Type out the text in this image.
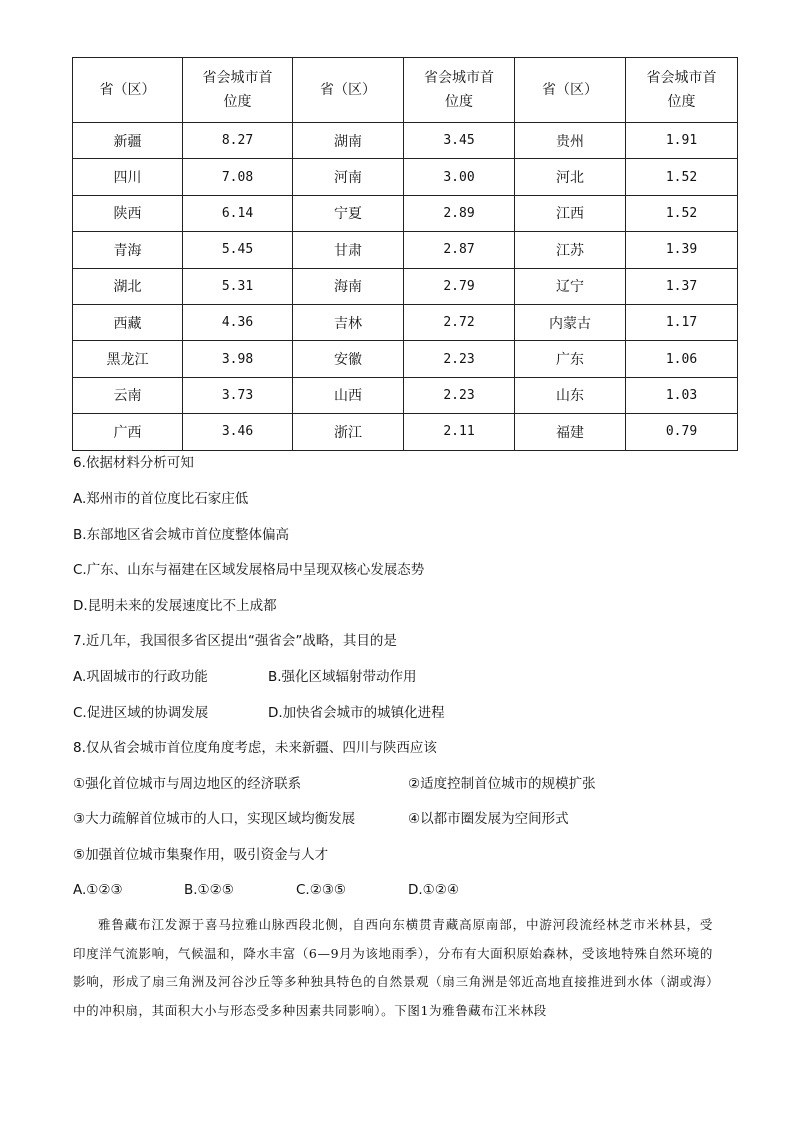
省（区）	省会城市首位度	省（区）	省会城市首位度	省（区）	省会城市首位度
新疆	8.27	湖南	3.45	贵州	1.91
四川	7.08	河南	3.00	河北	1.52
陕西	6.14	宁夏	2.89	江西	1.52
青海	5.45	甘肃	2.87	江苏	1.39
湖北	5.31	海南	2.79	辽宁	1.37
西藏	4.36	吉林	2.72	内蒙古	1.17
黑龙江	3.98	安徽	2.23	广东	1.06
云南	3.73	山西	2.23	山东	1.03
广西	3.46	浙江	2.11	福建	0.79
6.依据材料分析可知
A.郑州市的首位度比石家庄低
B.东部地区省会城市首位度整体偏高
C.广东、山东与福建在区域发展格局中呈现双核心发展态势
D.昆明未来的发展速度比不上成都
7.近几年，我国很多省区提出“强省会”战略，其目的是
A.巩固城市的行政功能	B.强化区域辐射带动作用
C.促进区域的协调发展	D.加快省会城市的城镇化进程
8.仅从省会城市首位度角度考虑，未来新疆、四川与陕西应该
①强化首位城市与周边地区的经济联系	②适度控制首位城市的规模扩张
③大力疏解首位城市的人口，实现区域均衡发展	④以都市圈发展为空间形式
⑤加强首位城市集聚作用，吸引资金与人才
A.①②③	B.①②⑤	C.②③⑤	D.①②④
雅鲁藏布江发源于喜马拉雅山脉西段北侧，自西向东横贯青藏高原南部，中游河段流经林芝市米林县，受印度洋气流影响，气候温和，降水丰富（6—9月为该地雨季），分布有大面积原始森林，受该地特殊自然环境的影响，形成了扇三角洲及河谷沙丘等多种独具特色的自然景观（扇三角洲是邻近高地直接推进到水体（湖或海）中的冲积扇，其面积大小与形态受多种因素共同影响）。下图1为雅鲁藏布江米林段
